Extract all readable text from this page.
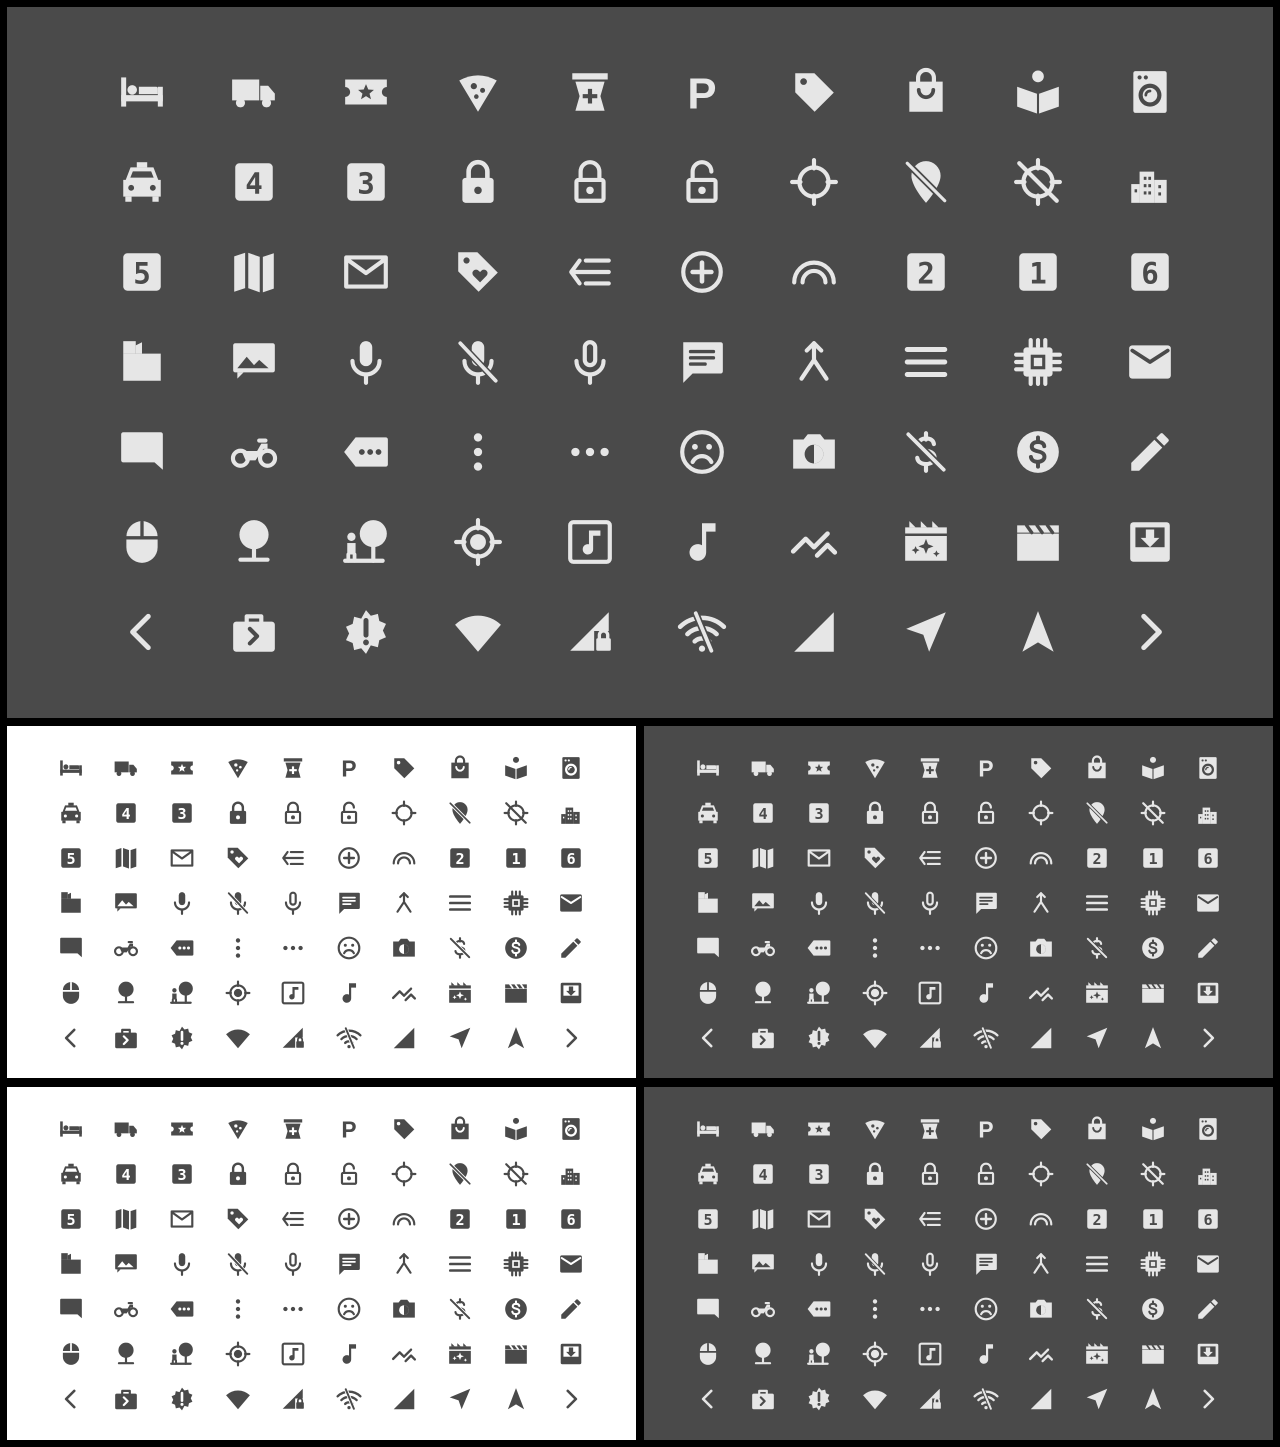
P
4	3
5	2	1	6
P
4	3
5	2	1	6
P
4	3
5	2	1	6
P
4	3
5	2	1	6
P
4	3
5	2	1	6
